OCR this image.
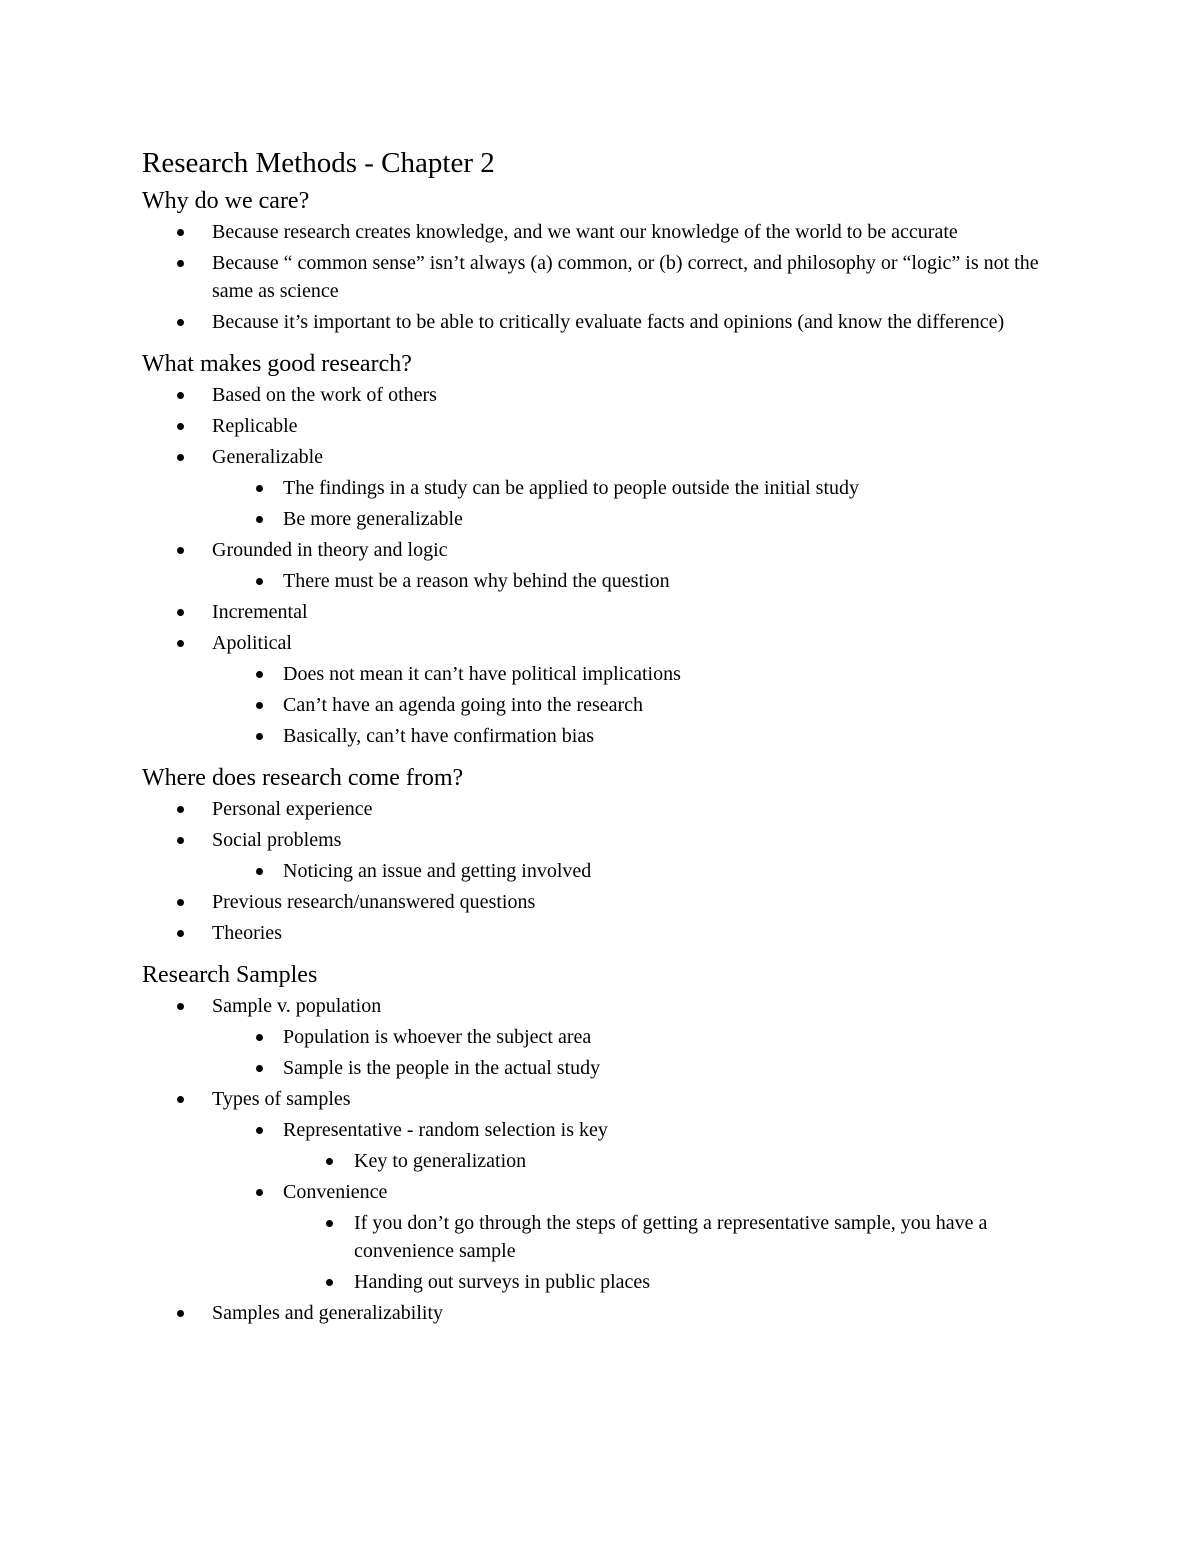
Research Methods - Chapter 2
Why do we care?
Because research creates knowledge, and we want our knowledge of the world to be accurate
Because “ common sense” isn’t always (a) common, or (b) correct, and philosophy or “logic” is not the same as science
Because it’s important to be able to critically evaluate facts and opinions (and know the difference)
What makes good research?
Based on the work of others
Replicable
Generalizable
The findings in a study can be applied to people outside the initial study
Be more generalizable
Grounded in theory and logic
There must be a reason why behind the question
Incremental
Apolitical
Does not mean it can’t have political implications
Can’t have an agenda going into the research
Basically, can’t have confirmation bias
Where does research come from?
Personal experience
Social problems
Noticing an issue and getting involved
Previous research/unanswered questions
Theories
Research Samples
Sample v. population
Population is whoever the subject area
Sample is the people in the actual study
Types of samples
Representative - random selection is key
Key to generalization
Convenience
If you don’t go through the steps of getting a representative sample, you have a convenience sample
Handing out surveys in public places
Samples and generalizability
